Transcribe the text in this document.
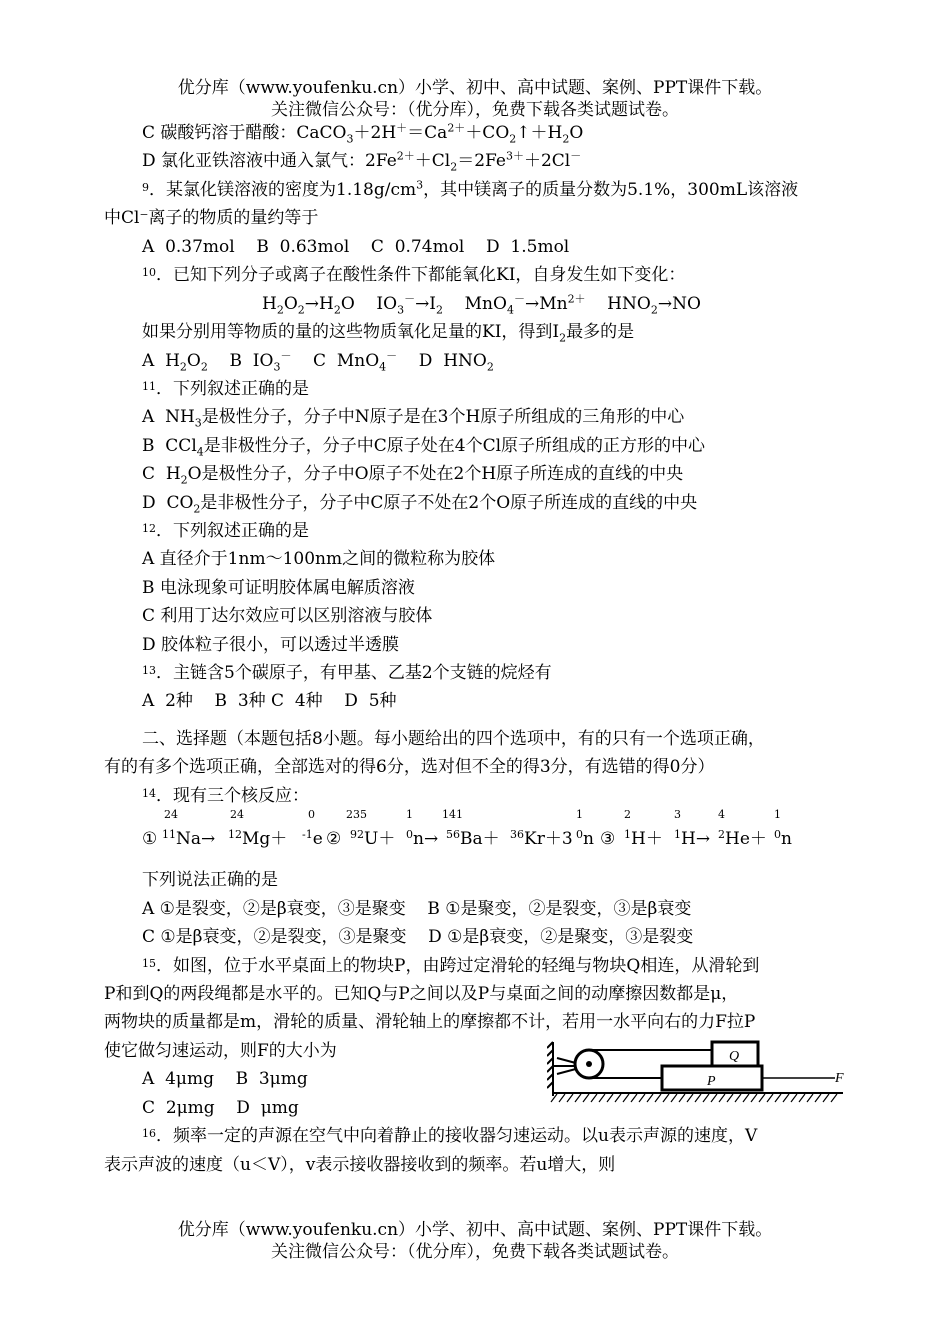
优分库（www.youfenku.cn）小学、初中、高中试题、案例、PPT课件下载。
关注微信公众号：（优分库），免费下载各类试题试卷。
C 碳酸钙溶于醋酸：$CaCO_3+2H^+=Ca^{2+}+CO_2↑+H_2O$
D 氯化亚铁溶液中通入氯气：$2Fe^{2+}+Cl_2=2Fe^{3+}+2Cl^-$
$^9$．某氯化镁溶液的密度为$1.18g/cm^3$，其中镁离子的质量分数为5.1%，300mL该溶液
中Cl⁻离子的物质的量约等于
A  0.37mol    B  0.63mol    C  0.74mol    D  1.5mol
$^{10}$．已知下列分子或离子在酸性条件下都能氧化KI，自身发生如下变化：
$H_2O_2\to H_2O$    $IO_3^-\to I_2$    $MnO_4^-\to Mn^{2+}$    $HNO_2\to NO$
如果分别用等物质的量的这些物质氧化足量的KI，得到$I_2$最多的是
A  $H_2O_2$    B  $IO_3^-$    C  MnO$_4$－    D  $HNO_2$
$^{11}$．下列叙述正确的是
A  $NH_3$是极性分子，分子中N原子是在3个H原子所组成的三角形的中心
B  CCl$_4$是非极性分子，分子中C原子处在4个Cl原子所组成的正方形的中心
C  $H_2O$是极性分子，分子中O原子不处在2个H原子所连成的直线的中央
D  $CO_2$是非极性分子，分子中C原子不处在2个O原子所连成的直线的中央
$^{12}$．下列叙述正确的是
A 直径介于1nm～100nm之间的微粒称为胶体
B 电泳现象可证明胶体属电解质溶液
C 利用丁达尔效应可以区别溶液与胶体
D 胶体粒子很小，可以透过半透膜
$^{13}$．主链含5个碳原子，有甲基、乙基2个支链的烷烃有
A  2种    B  3种 C  4种    D  5种
二、选择题（本题包括8小题。每小题给出的四个选项中，有的只有一个选项正确，
有的有多个选项正确，全部选对的得6分，选对但不全的得3分，有选错的得0分）
$^{14}$．现有三个核反应：
①
24
$^{11}$Na→
24
$^{12}$Mg＋
0
$^{-1}$e ②
235
$^{92}$U＋
1
$^0$n→
141
$^{56}$Ba＋ $^{36}$Kr＋3
1
$^0$n ③
2
$^1$H＋
3
$^1$H→
4
$^2$He＋
1
$^0$n
下列说法正确的是
A ①是裂变，②是β衰变，③是聚变 B ①是聚变，②是裂变，③是β衰变
C ①是β衰变，②是裂变，③是聚变 D ①是β衰变，②是聚变，③是裂变
$^{15}$．如图，位于水平桌面上的物块P，由跨过定滑轮的轻绳与物块Q相连，从滑轮到
P和到Q的两段绳都是水平的。已知Q与P之间以及P与桌面之间的动摩擦因数都是μ，
两物块的质量都是m，滑轮的质量、滑轮轴上的摩擦都不计，若用一水平向右的力F拉P
使它做匀速运动，则F的大小为
A  4μmg    B  3μmg
C  2μmg    D  μmg
Q
P	F
$^{16}$．频率一定的声源在空气中向着静止的接收器匀速运动。以u表示声源的速度，V
表示声波的速度（u＜V），v表示接收器接收到的频率。若u增大，则
优分库（www.youfenku.cn）小学、初中、高中试题、案例、PPT课件下载。
关注微信公众号：（优分库），免费下载各类试题试卷。
